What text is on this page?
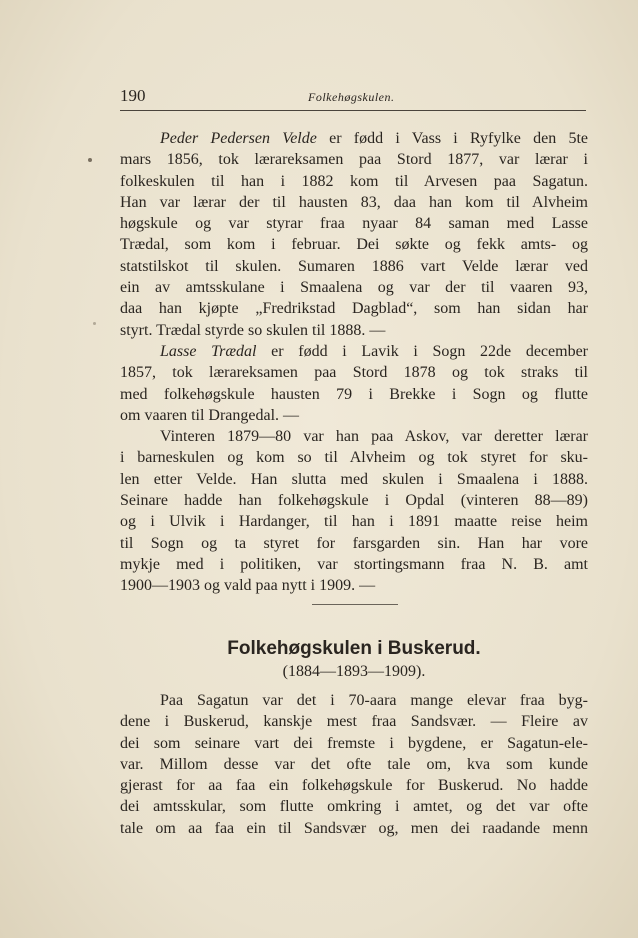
190	Folkehøgskulen.
Peder Pedersen Velde er fødd i Vass i Ryfylke den 5te
mars 1856, tok lærareksamen paa Stord 1877, var lærar i
folkeskulen til han i 1882 kom til Arvesen paa Sagatun.
Han var lærar der til hausten 83, daa han kom til Alvheim
høgskule og var styrar fraa nyaar 84 saman med Lasse
Trædal, som kom i februar. Dei søkte og fekk amts- og
statstilskot til skulen. Sumaren 1886 vart Velde lærar ved
ein av amtsskulane i Smaalena og var der til vaaren 93,
daa han kjøpte „Fredrikstad Dagblad“, som han sidan har
styrt. Trædal styrde so skulen til 1888. —
Lasse Trædal er fødd i Lavik i Sogn 22de december
1857, tok lærareksamen paa Stord 1878 og tok straks til
med folkehøgskule hausten 79 i Brekke i Sogn og flutte
om vaaren til Drangedal. —
Vinteren 1879—80 var han paa Askov, var deretter lærar
i barneskulen og kom so til Alvheim og tok styret for sku-
len etter Velde. Han slutta med skulen i Smaalena i 1888.
Seinare hadde han folkehøgskule i Opdal (vinteren 88—89)
og i Ulvik i Hardanger, til han i 1891 maatte reise heim
til Sogn og ta styret for farsgarden sin. Han har vore
mykje med i politiken, var stortingsmann fraa N. B. amt
1900—1903 og vald paa nytt i 1909. —
Folkehøgskulen i Buskerud.
(1884—1893—1909).
Paa Sagatun var det i 70-aara mange elevar fraa byg-
dene i Buskerud, kanskje mest fraa Sandsvær. — Fleire av
dei som seinare vart dei fremste i bygdene, er Sagatun-ele-
var. Millom desse var det ofte tale om, kva som kunde
gjerast for aa faa ein folkehøgskule for Buskerud. No hadde
dei amtsskular, som flutte omkring i amtet, og det var ofte
tale om aa faa ein til Sandsvær og, men dei raadande menn
